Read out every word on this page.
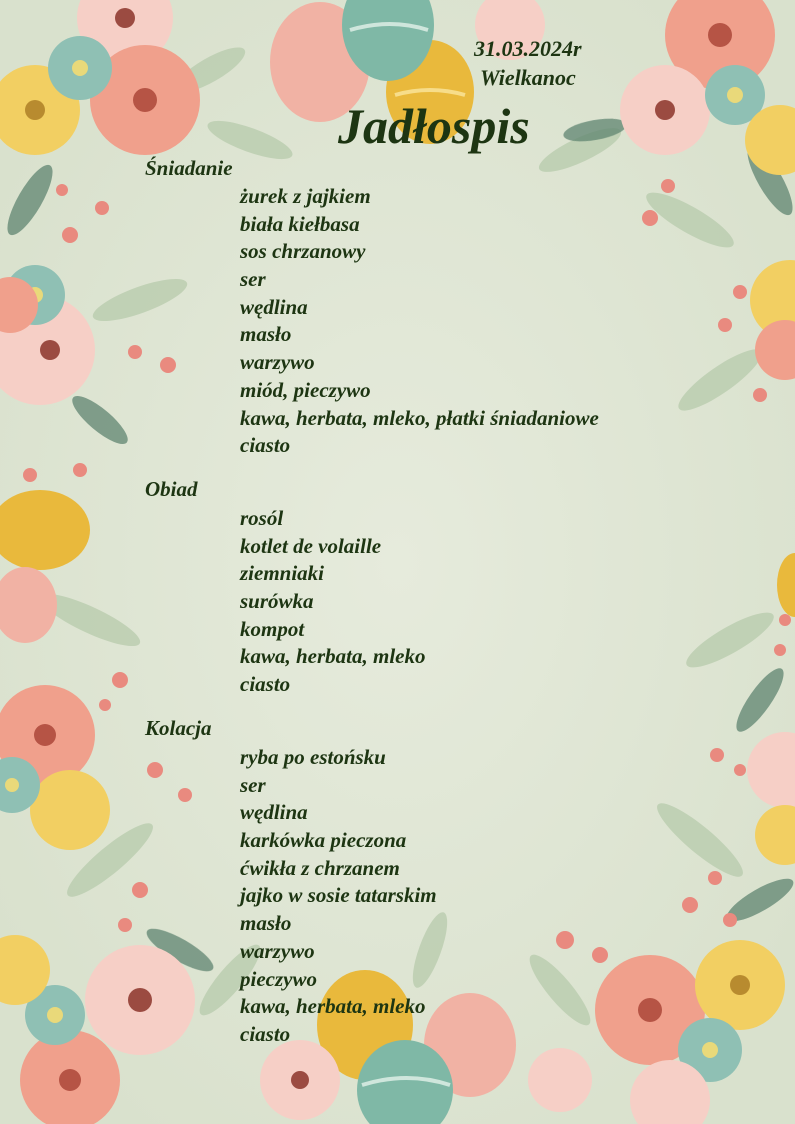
31.03.2024r
Wielkanoc
Jadłospis
Śniadanie
żurek z jajkiem
biała kiełbasa
sos chrzanowy
ser
wędlina
masło
warzywo
miód, pieczywo
kawa, herbata, mleko, płatki śniadaniowe
ciasto
Obiad
rosól
kotlet de volaille
ziemniaki
surówka
kompot
kawa, herbata, mleko
ciasto
Kolacja
ryba po estońsku
ser
wędlina
karkówka pieczona
ćwikła z chrzanem
jajko w sosie tatarskim
masło
warzywo
pieczywo
kawa, herbata, mleko
ciasto
